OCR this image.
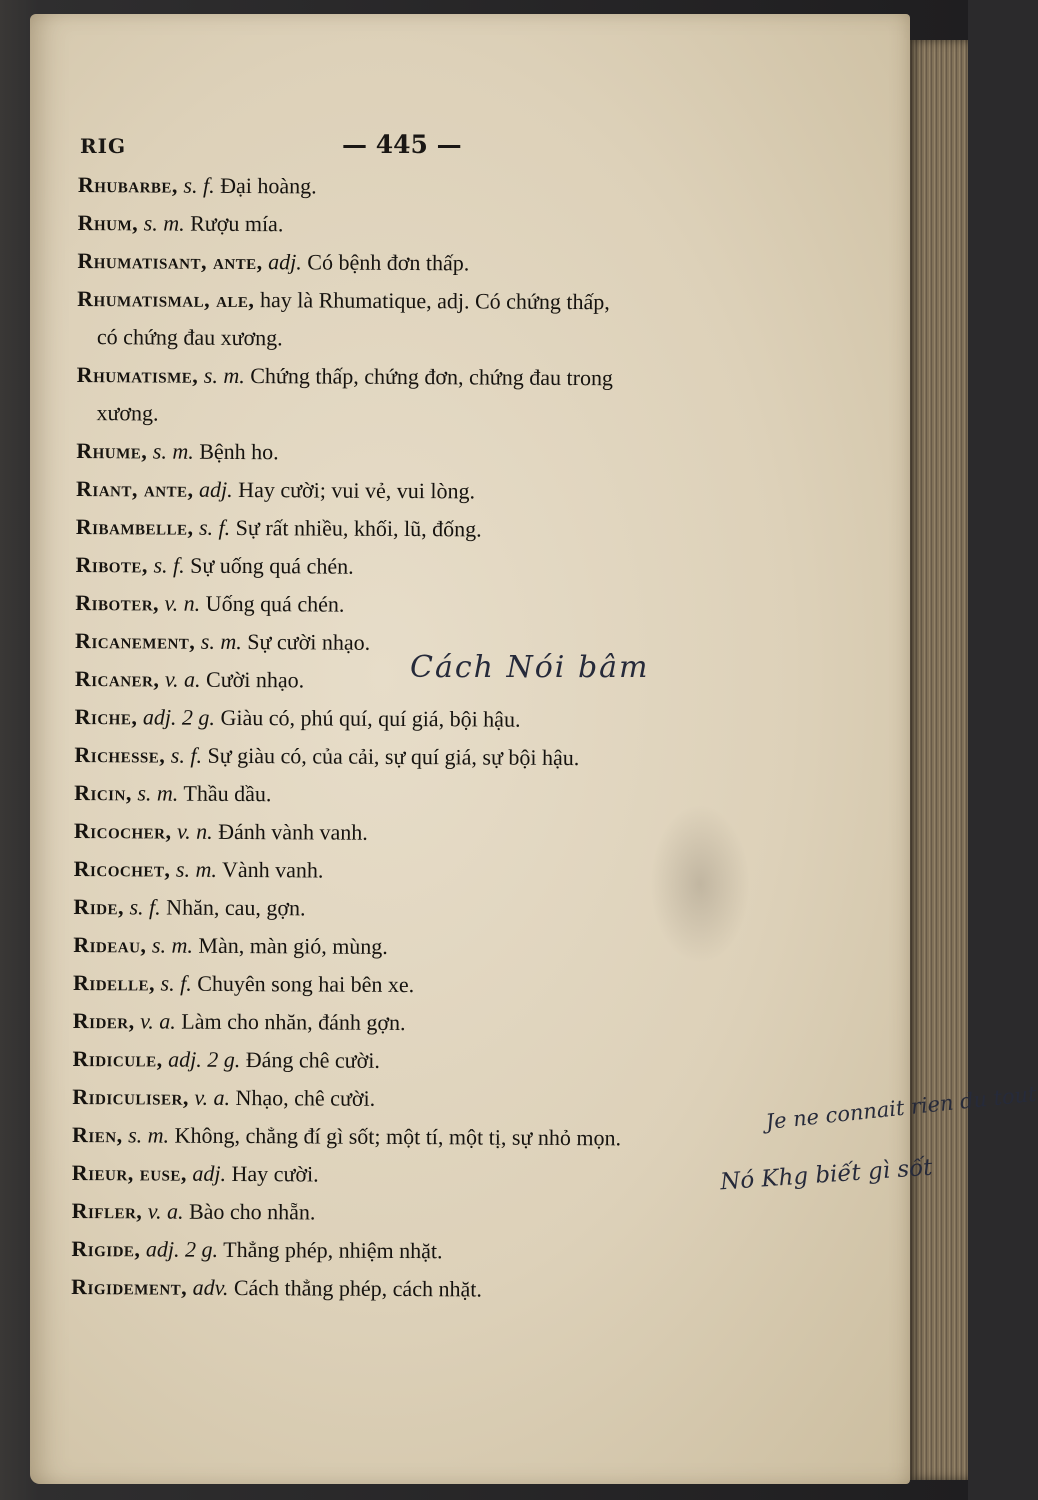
RIG	— 445 —
Rhubarbe, s. f. Đại hoàng.
Rhum, s. m. Rượu mía.
Rhumatisant, ante, adj. Có bệnh đơn thấp.
Rhumatismal, ale, hay là Rhumatique, adj. Có chứng thấp,
có chứng đau xương.
Rhumatisme, s. m. Chứng thấp, chứng đơn, chứng đau trong
xương.
Rhume, s. m. Bệnh ho.
Riant, ante, adj. Hay cười; vui vẻ, vui lòng.
Ribambelle, s. f. Sự rất nhiều, khối, lũ, đống.
Ribote, s. f. Sự uống quá chén.
Riboter, v. n. Uống quá chén.
Ricanement, s. m. Sự cười nhạo.
Ricaner, v. a. Cười nhạo.
Riche, adj. 2 g. Giàu có, phú quí, quí giá, bội hậu.
Richesse, s. f. Sự giàu có, của cải, sự quí giá, sự bội hậu.
Ricin, s. m. Thầu dầu.
Ricocher, v. n. Đánh vành vanh.
Ricochet, s. m. Vành vanh.
Ride, s. f. Nhăn, cau, gợn.
Rideau, s. m. Màn, màn gió, mùng.
Ridelle, s. f. Chuyên song hai bên xe.
Rider, v. a. Làm cho nhăn, đánh gợn.
Ridicule, adj. 2 g. Đáng chê cười.
Ridiculiser, v. a. Nhạo, chê cười.
Rien, s. m. Không, chẳng đí gì sốt; một tí, một tị, sự nhỏ mọn.
Rieur, euse, adj. Hay cười.
Rifler, v. a. Bào cho nhẵn.
Rigide, adj. 2 g. Thẳng phép, nhiệm nhặt.
Rigidement, adv. Cách thẳng phép, cách nhặt.
Cách Nói bâm
Je ne connait rien du tout
Nó Khg biết gì sốt
